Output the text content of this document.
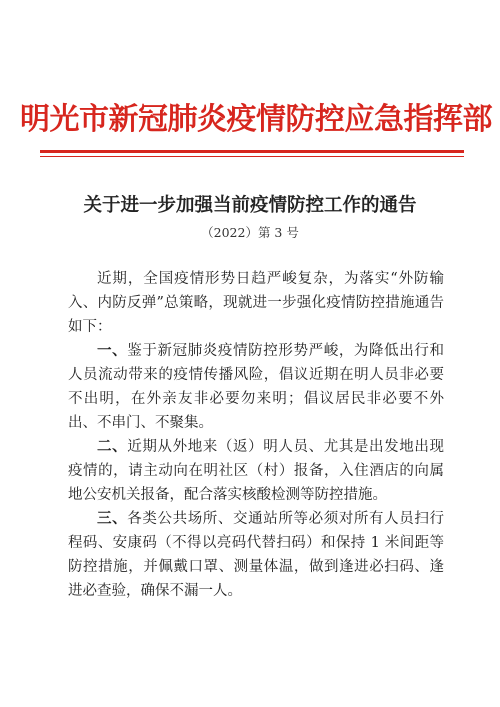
明光市新冠肺炎疫情防控应急指挥部
关于进一步加强当前疫情防控工作的通告
（2022）第 3 号

近期，全国疫情形势日趋严峻复杂，为落实“外防输入、内防反弹”总策略，现就进一步强化疫情防控措施通告如下：

一、鉴于新冠肺炎疫情防控形势严峻，为降低出行和人员流动带来的疫情传播风险，倡议近期在明人员非必要不出明，在外亲友非必要勿来明；倡议居民非必要不外出、不串门、不聚集。

二、近期从外地来（返）明人员、尤其是出发地出现疫情的，请主动向在明社区（村）报备，入住酒店的向属地公安机关报备，配合落实核酸检测等防控措施。

三、各类公共场所、交通站所等必须对所有人员扫行程码、安康码（不得以亮码代替扫码）和保持 1 米间距等防控措施，并佩戴口罩、测量体温，做到逢进必扫码、逢进必查验，确保不漏一人。
